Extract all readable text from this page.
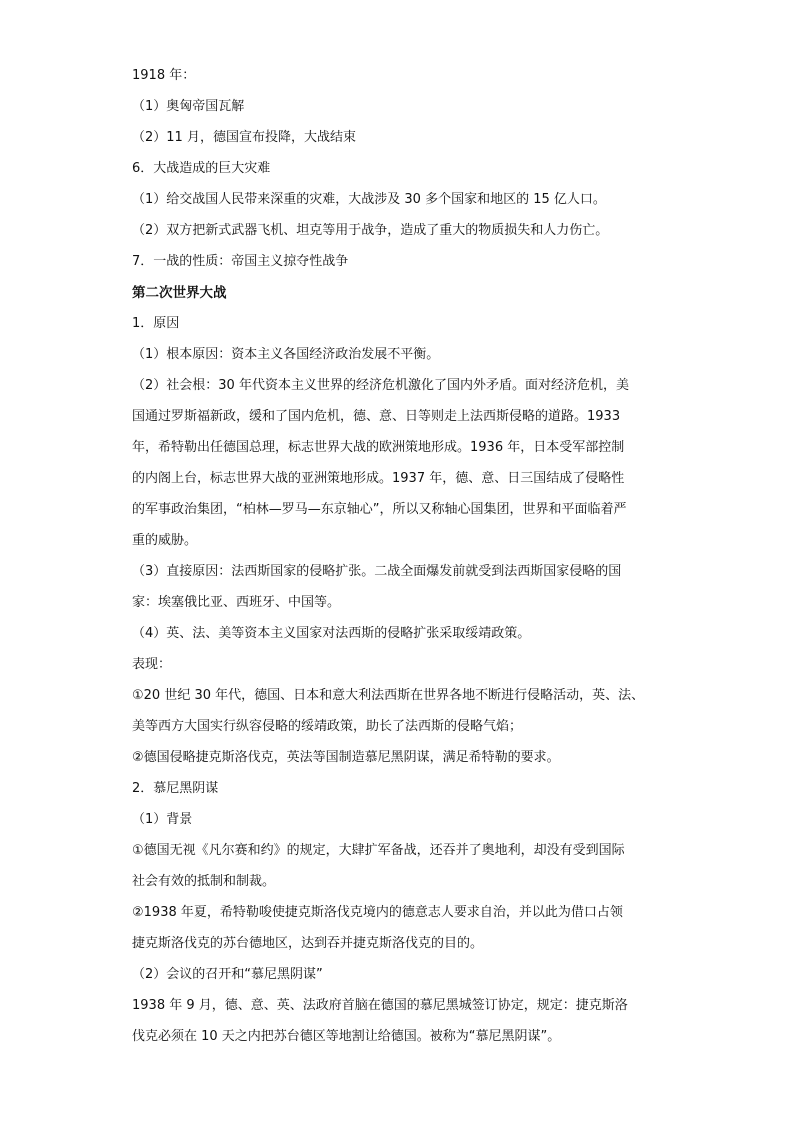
1918 年：
（1）奥匈帝国瓦解
（2）11 月，德国宣布投降，大战结束
6．大战造成的巨大灾难
（1）给交战国人民带来深重的灾难，大战涉及 30 多个国家和地区的 15 亿人口。
（2）双方把新式武器飞机、坦克等用于战争，造成了重大的物质损失和人力伤亡。
7．一战的性质：帝国主义掠夺性战争
第二次世界大战
1．原因
（1）根本原因：资本主义各国经济政治发展不平衡。
（2）社会根：30 年代资本主义世界的经济危机激化了国内外矛盾。面对经济危机，美
国通过罗斯福新政，缓和了国内危机，德、意、日等则走上法西斯侵略的道路。1933
年，希特勒出任德国总理，标志世界大战的欧洲策地形成。1936 年，日本受军部控制
的内阁上台，标志世界大战的亚洲策地形成。1937 年，德、意、日三国结成了侵略性
的军事政治集团，“柏林—罗马—东京轴心”，所以又称轴心国集团，世界和平面临着严
重的威胁。
（3）直接原因：法西斯国家的侵略扩张。二战全面爆发前就受到法西斯国家侵略的国
家：埃塞俄比亚、西班牙、中国等。
（4）英、法、美等资本主义国家对法西斯的侵略扩张采取绥靖政策。
表现：
①20 世纪 30 年代，德国、日本和意大利法西斯在世界各地不断进行侵略活动，英、法、
美等西方大国实行纵容侵略的绥靖政策，助长了法西斯的侵略气焰；
②德国侵略捷克斯洛伐克，英法等国制造慕尼黑阴谋，满足希特勒的要求。
2．慕尼黑阴谋
（1）背景
①德国无视《凡尔赛和约》的规定，大肆扩军备战，还吞并了奥地利，却没有受到国际
社会有效的抵制和制裁。
②1938 年夏，希特勒唆使捷克斯洛伐克境内的德意志人要求自治，并以此为借口占领
捷克斯洛伐克的苏台德地区，达到吞并捷克斯洛伐克的目的。
（2）会议的召开和“慕尼黑阴谋”
1938 年 9 月，德、意、英、法政府首脑在德国的慕尼黑城签订协定，规定：捷克斯洛
伐克必须在 10 天之内把苏台德区等地割让给德国。被称为“慕尼黑阴谋”。
